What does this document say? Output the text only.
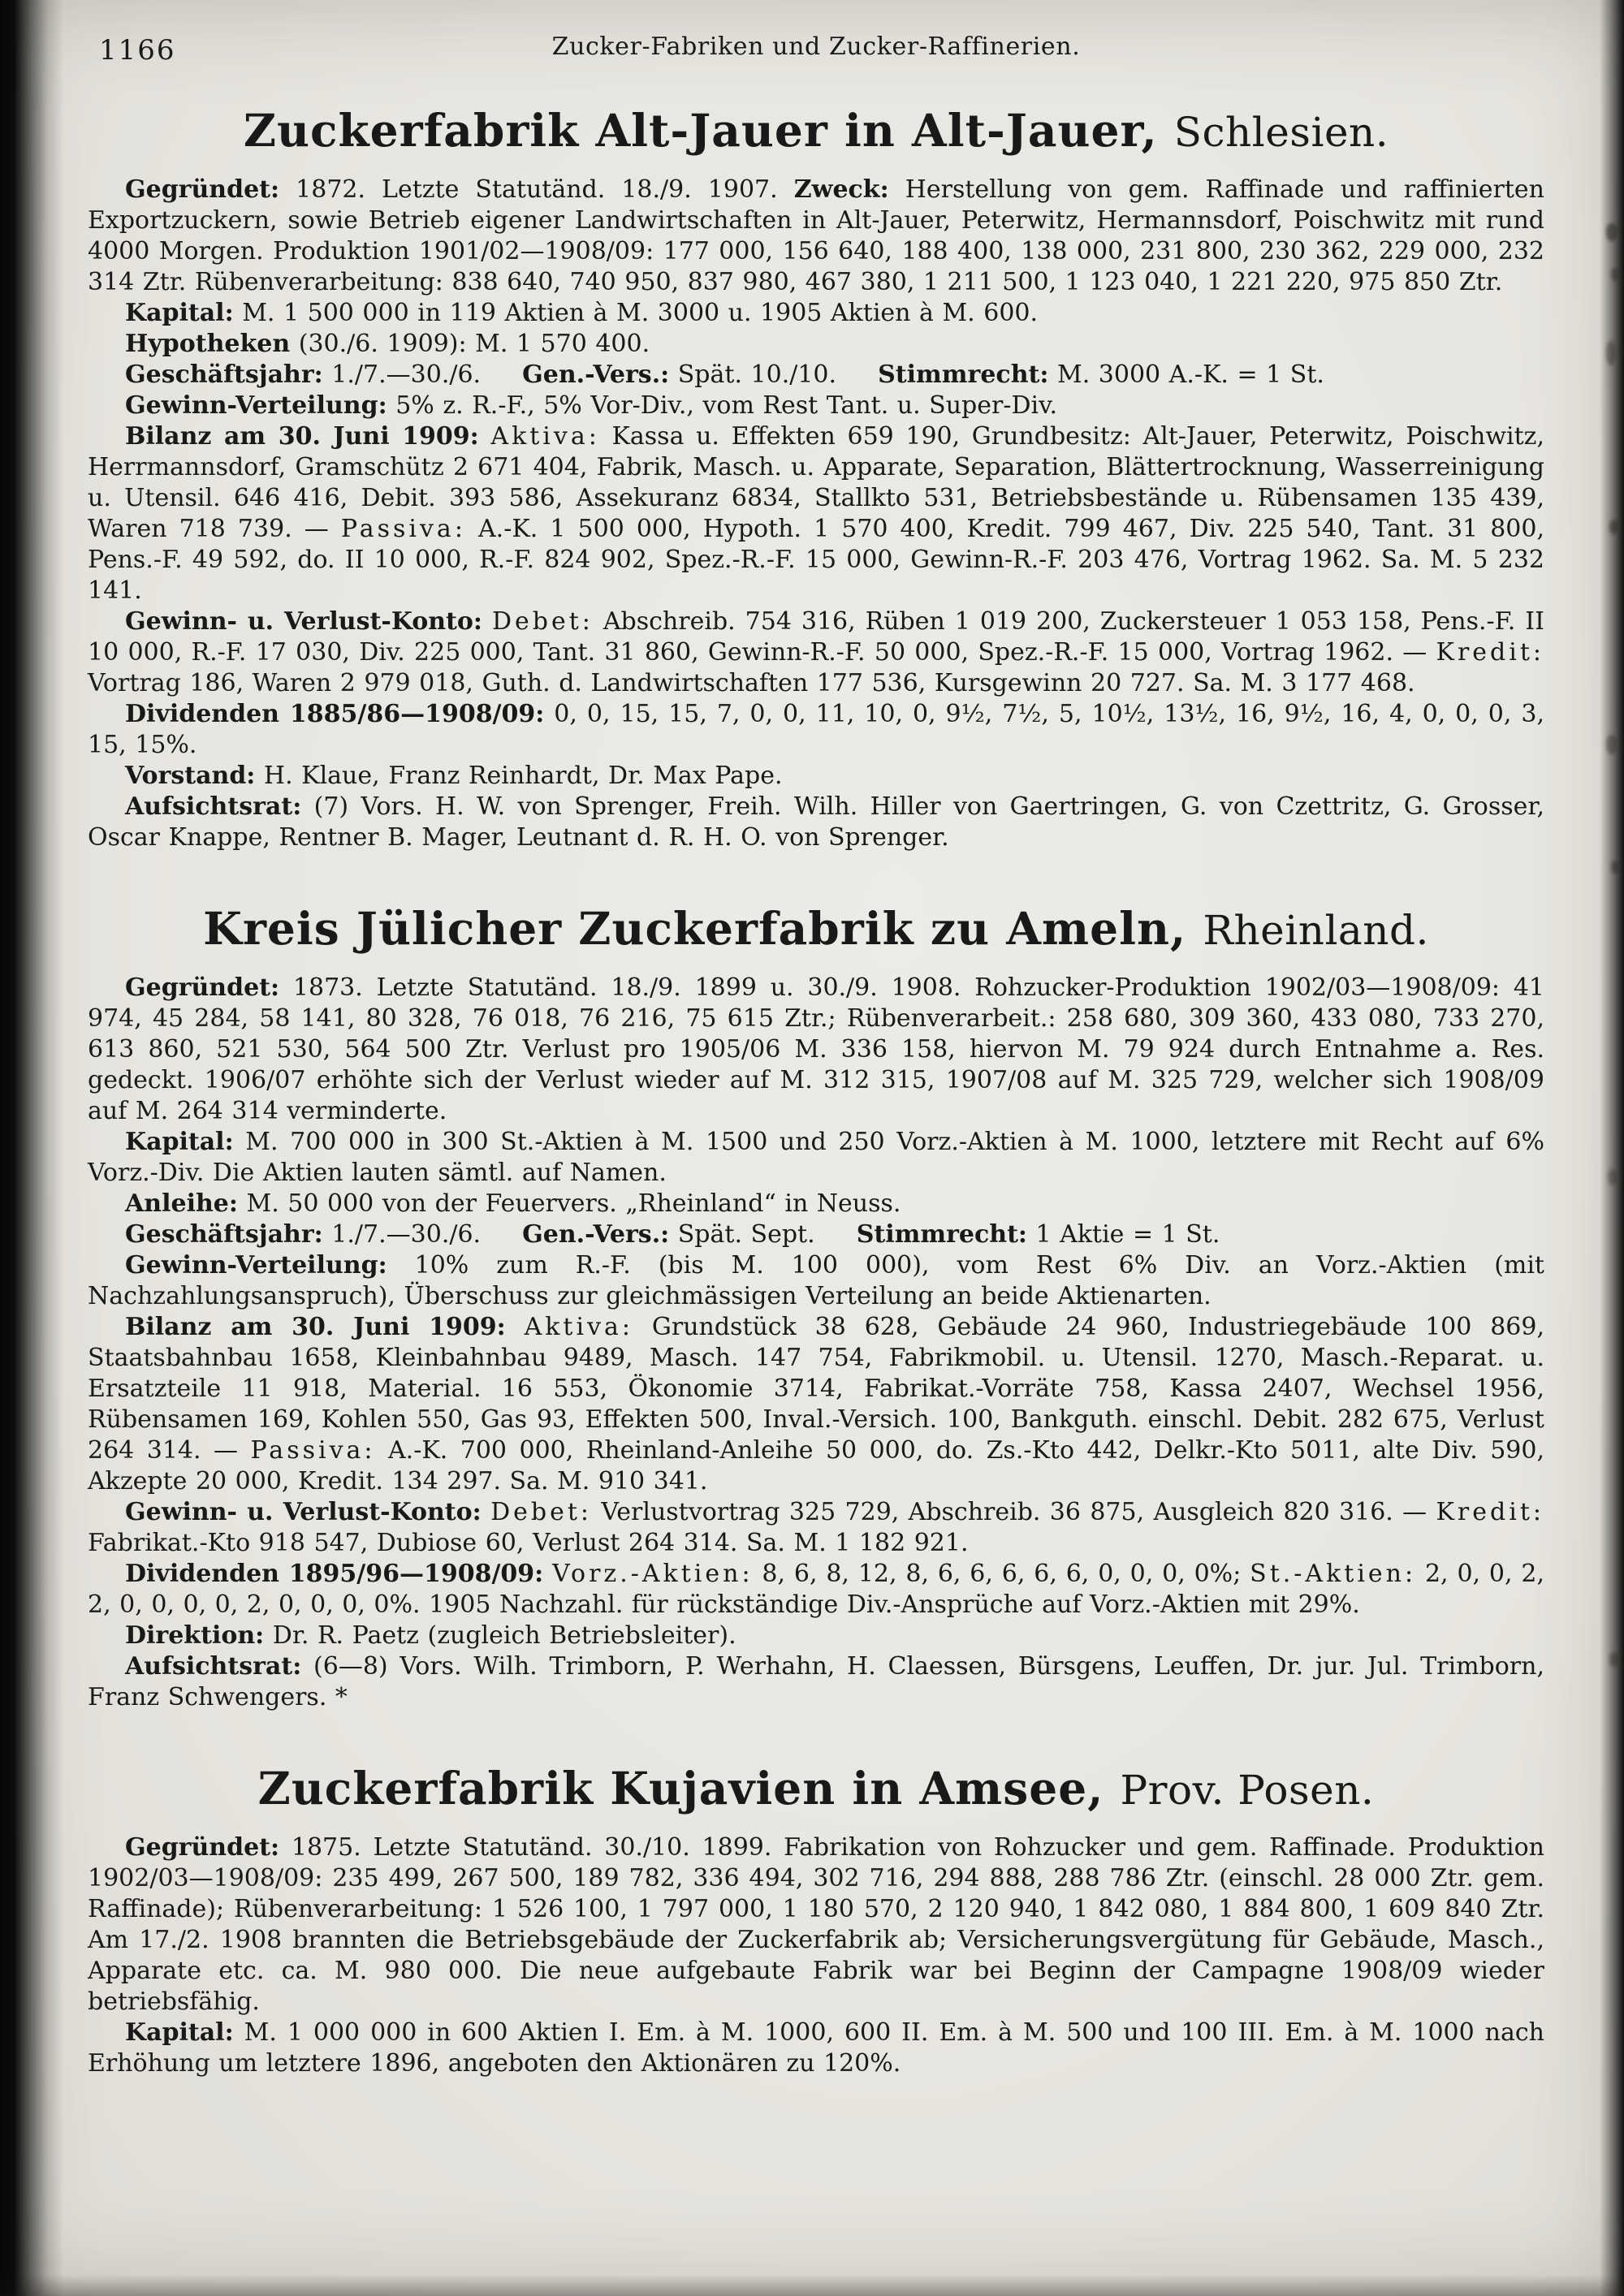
1166	Zucker-Fabriken und Zucker-Raffinerien.
Zuckerfabrik Alt-Jauer in Alt-Jauer, Schlesien.

Gegründet: 1872. Letzte Statutänd. 18./9. 1907. Zweck: Herstellung von gem. Raffinade und raffinierten Exportzuckern, sowie Betrieb eigener Landwirtschaften in Alt-Jauer, Peterwitz, Hermannsdorf, Poischwitz mit rund 4000 Morgen. Produktion 1901/02—1908/09: 177 000, 156 640, 188 400, 138 000, 231 800, 230 362, 229 000, 232 314 Ztr. Rübenverarbeitung: 838 640, 740 950, 837 980, 467 380, 1 211 500, 1 123 040, 1 221 220, 975 850 Ztr.

Kapital: M. 1 500 000 in 119 Aktien à M. 3000 u. 1905 Aktien à M. 600.

Hypotheken (30./6. 1909): M. 1 570 400.

Geschäftsjahr: 1./7.—30./6.   Gen.-Vers.: Spät. 10./10.   Stimmrecht: M. 3000 A.-K. = 1 St.

Gewinn-Verteilung: 5% z. R.-F., 5% Vor-Div., vom Rest Tant. u. Super-Div.

Bilanz am 30. Juni 1909: Aktiva: Kassa u. Effekten 659 190, Grundbesitz: Alt-Jauer, Peterwitz, Poischwitz, Herrmannsdorf, Gramschütz 2 671 404, Fabrik, Masch. u. Apparate, Separation, Blättertrocknung, Wasserreinigung u. Utensil. 646 416, Debit. 393 586, Assekuranz 6834, Stallkto 531, Betriebsbestände u. Rübensamen 135 439, Waren 718 739. — Passiva: A.-K. 1 500 000, Hypoth. 1 570 400, Kredit. 799 467, Div. 225 540, Tant. 31 800, Pens.-F. 49 592, do. II 10 000, R.-F. 824 902, Spez.-R.-F. 15 000, Gewinn-R.-F. 203 476, Vortrag 1962. Sa. M. 5 232 141.

Gewinn- u. Verlust-Konto: Debet: Abschreib. 754 316, Rüben 1 019 200, Zuckersteuer 1 053 158, Pens.-F. II 10 000, R.-F. 17 030, Div. 225 000, Tant. 31 860, Gewinn-R.-F. 50 000, Spez.-R.-F. 15 000, Vortrag 1962. — Kredit: Vortrag 186, Waren 2 979 018, Guth. d. Landwirtschaften 177 536, Kursgewinn 20 727. Sa. M. 3 177 468.

Dividenden 1885/86—1908/09: 0, 0, 15, 15, 7, 0, 0, 11, 10, 0, 9½, 7½, 5, 10½, 13½, 16, 9½, 16, 4, 0, 0, 0, 3, 15, 15%.

Vorstand: H. Klaue, Franz Reinhardt, Dr. Max Pape.

Aufsichtsrat: (7) Vors. H. W. von Sprenger, Freih. Wilh. Hiller von Gaertringen, G. von Czettritz, G. Grosser, Oscar Knappe, Rentner B. Mager, Leutnant d. R. H. O. von Sprenger.

Kreis Jülicher Zuckerfabrik zu Ameln, Rheinland.

Gegründet: 1873. Letzte Statutänd. 18./9. 1899 u. 30./9. 1908. Rohzucker-Produktion 1902/03—1908/09: 41 974, 45 284, 58 141, 80 328, 76 018, 76 216, 75 615 Ztr.; Rübenverarbeit.: 258 680, 309 360, 433 080, 733 270, 613 860, 521 530, 564 500 Ztr. Verlust pro 1905/06 M. 336 158, hiervon M. 79 924 durch Entnahme a. Res. gedeckt. 1906/07 erhöhte sich der Verlust wieder auf M. 312 315, 1907/08 auf M. 325 729, welcher sich 1908/09 auf M. 264 314 verminderte.

Kapital: M. 700 000 in 300 St.-Aktien à M. 1500 und 250 Vorz.-Aktien à M. 1000, letztere mit Recht auf 6% Vorz.-Div. Die Aktien lauten sämtl. auf Namen.

Anleihe: M. 50 000 von der Feuervers. „Rheinland“ in Neuss.

Geschäftsjahr: 1./7.—30./6.   Gen.-Vers.: Spät. Sept.   Stimmrecht: 1 Aktie = 1 St.

Gewinn-Verteilung: 10% zum R.-F. (bis M. 100 000), vom Rest 6% Div. an Vorz.-Aktien (mit Nachzahlungsanspruch), Überschuss zur gleichmässigen Verteilung an beide Aktienarten.

Bilanz am 30. Juni 1909: Aktiva: Grundstück 38 628, Gebäude 24 960, Industriegebäude 100 869, Staatsbahnbau 1658, Kleinbahnbau 9489, Masch. 147 754, Fabrikmobil. u. Utensil. 1270, Masch.-Reparat. u. Ersatzteile 11 918, Material. 16 553, Ökonomie 3714, Fabrikat.-Vorräte 758, Kassa 2407, Wechsel 1956, Rübensamen 169, Kohlen 550, Gas 93, Effekten 500, Inval.-Versich. 100, Bankguth. einschl. Debit. 282 675, Verlust 264 314. — Passiva: A.-K. 700 000, Rheinland-Anleihe 50 000, do. Zs.-Kto 442, Delkr.-Kto 5011, alte Div. 590, Akzepte 20 000, Kredit. 134 297. Sa. M. 910 341.

Gewinn- u. Verlust-Konto: Debet: Verlustvortrag 325 729, Abschreib. 36 875, Ausgleich 820 316. — Kredit: Fabrikat.-Kto 918 547, Dubiose 60, Verlust 264 314. Sa. M. 1 182 921.

Dividenden 1895/96—1908/09: Vorz.-Aktien: 8, 6, 8, 12, 8, 6, 6, 6, 6, 6, 0, 0, 0, 0%; St.-Aktien: 2, 0, 0, 2, 2, 0, 0, 0, 0, 2, 0, 0, 0, 0%. 1905 Nachzahl. für rückständige Div.-Ansprüche auf Vorz.-Aktien mit 29%.

Direktion: Dr. R. Paetz (zugleich Betriebsleiter).

Aufsichtsrat: (6—8) Vors. Wilh. Trimborn, P. Werhahn, H. Claessen, Bürsgens, Leuffen, Dr. jur. Jul. Trimborn, Franz Schwengers. *

Zuckerfabrik Kujavien in Amsee, Prov. Posen.

Gegründet: 1875. Letzte Statutänd. 30./10. 1899. Fabrikation von Rohzucker und gem. Raffinade. Produktion 1902/03—1908/09: 235 499, 267 500, 189 782, 336 494, 302 716, 294 888, 288 786 Ztr. (einschl. 28 000 Ztr. gem. Raffinade); Rübenverarbeitung: 1 526 100, 1 797 000, 1 180 570, 2 120 940, 1 842 080, 1 884 800, 1 609 840 Ztr. Am 17./2. 1908 brannten die Betriebsgebäude der Zuckerfabrik ab; Versicherungsvergütung für Gebäude, Masch., Apparate etc. ca. M. 980 000. Die neue aufgebaute Fabrik war bei Beginn der Campagne 1908/09 wieder betriebsfähig.

Kapital: M. 1 000 000 in 600 Aktien I. Em. à M. 1000, 600 II. Em. à M. 500 und 100 III. Em. à M. 1000 nach Erhöhung um letztere 1896, angeboten den Aktionären zu 120%.
